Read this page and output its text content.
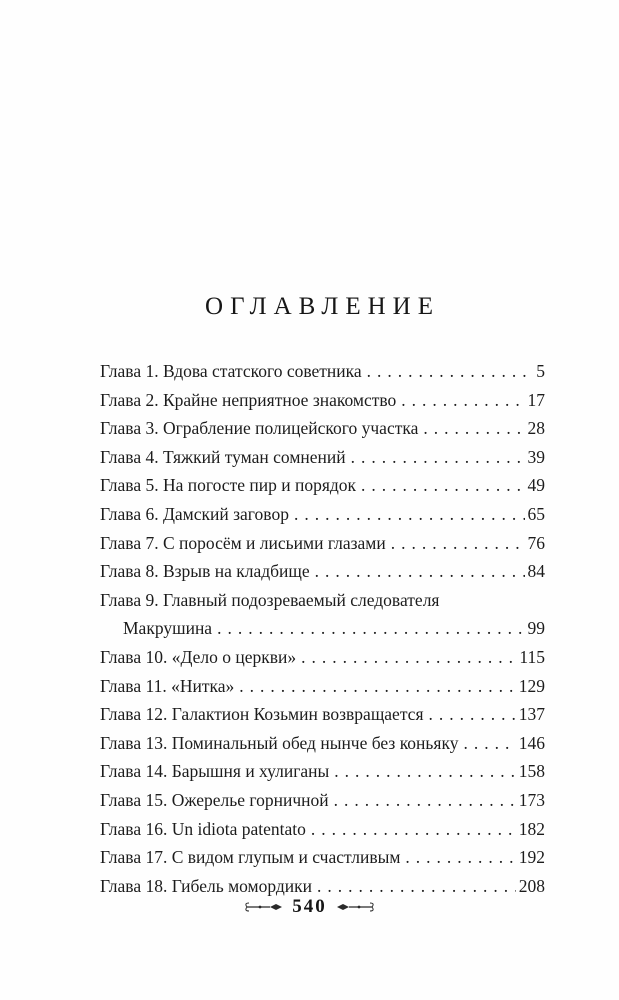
ОГЛАВЛЕНИЕ
Глава 1. Вдова статского советника .....	5
Глава 2. Крайне неприятное знакомство .....	17
Глава 3. Ограбление полицейского участка .....	28
Глава 4. Тяжкий туман сомнений .....	39
Глава 5. На погосте пир и порядок .....	49
Глава 6. Дамский заговор .....	65
Глава 7. С поросём и лисьими глазами .....	76
Глава 8. Взрыв на кладбище .....	84
Глава 9. Главный подозреваемый следователя
Макрушина .....	99
Глава 10. «Дело о церкви» .....	115
Глава 11. «Нитка» .....	129
Глава 12. Галактион Козьмин возвращается .....	137
Глава 13. Поминальный обед нынче без коньяку .....	146
Глава 14. Барышня и хулиганы .....	158
Глава 15. Ожерелье горничной .....	173
Глава 16. Un idiota patentato .....	182
Глава 17. С видом глупым и счастливым .....	192
Глава 18. Гибель момордики .....	208
540
